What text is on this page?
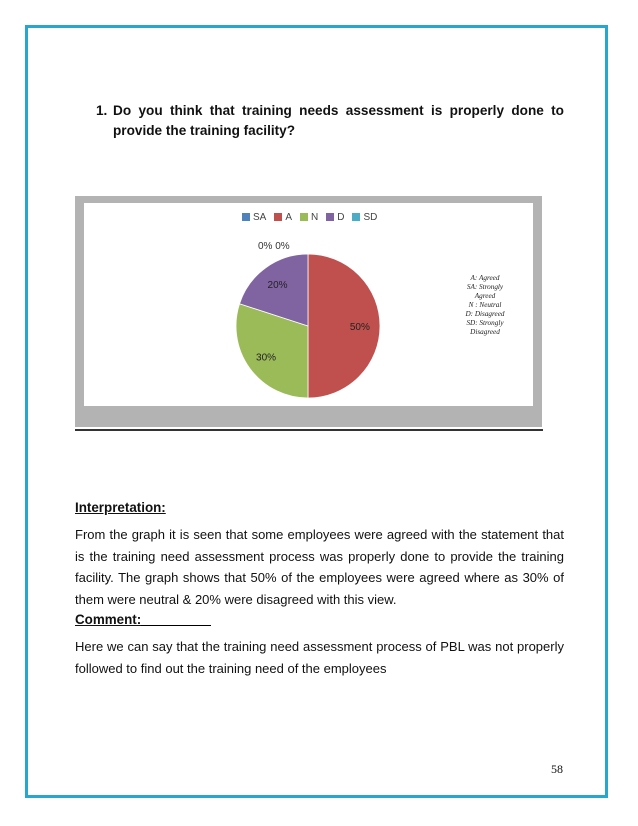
1. Do you think that training needs assessment is properly done to provide the training facility?
SA A N D SD
0% 0%
50%
30%
20%
A: Agreed
SA: Strongly
Agreed
N : Neutral
D: Disagreed
SD: Strongly
Disagreed
Interpretation:
From the graph it is seen that some employees were agreed with the statement that is the training need assessment process was properly done to provide the training facility. The graph shows that 50% of the employees were agreed where as 30% of them were neutral & 20% were disagreed with this view.
Comment:
Here we can say that the training need assessment process of PBL was not properly followed to find out the training need of the employees
58
